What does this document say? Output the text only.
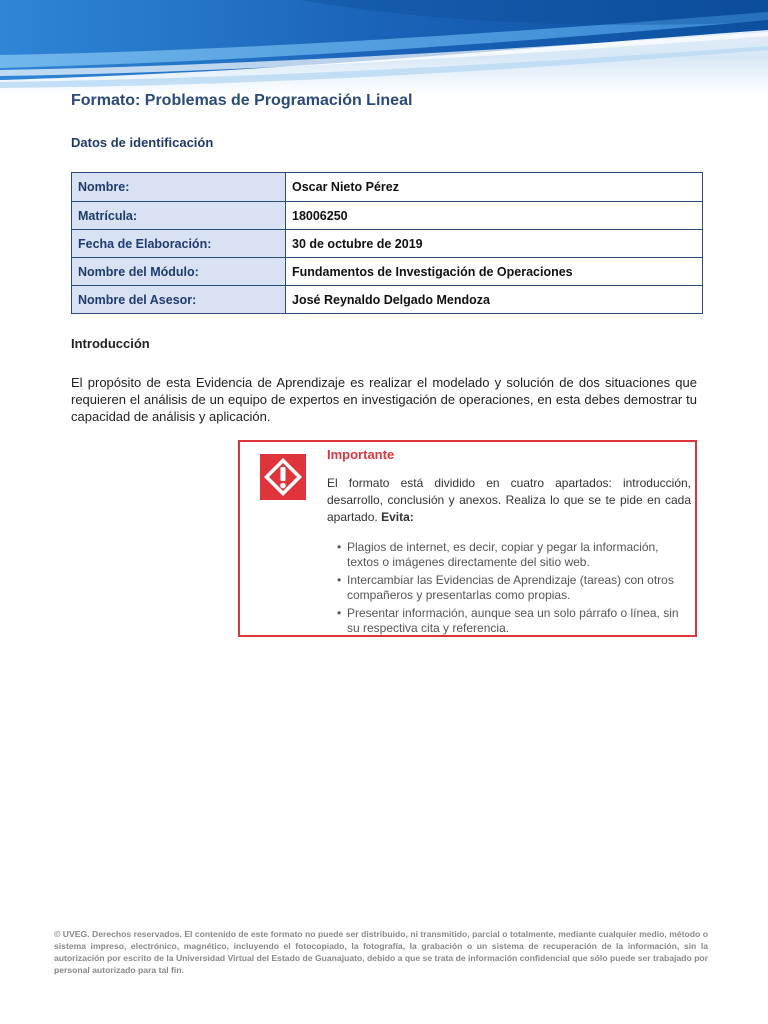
Formato: Problemas de Programación Lineal
Datos de identificación
Nombre:	Oscar Nieto Pérez
Matrícula:	18006250
Fecha de Elaboración:	30 de octubre de 2019
Nombre del Módulo:	Fundamentos de Investigación de Operaciones
Nombre del Asesor:	José Reynaldo Delgado Mendoza
Introducción
El propósito de esta Evidencia de Aprendizaje es realizar el modelado y solución de dos situaciones que requieren el análisis de un equipo de expertos en investigación de operaciones, en esta debes demostrar tu capacidad de análisis y aplicación.
Importante
El formato está dividido en cuatro apartados: introducción, desarrollo, conclusión y anexos. Realiza lo que se te pide en cada apartado. Evita:
• Plagios de internet, es decir, copiar y pegar la información, textos o imágenes directamente del sitio web.
• Intercambiar las Evidencias de Aprendizaje (tareas) con otros compañeros y presentarlas como propias.
• Presentar información, aunque sea un solo párrafo o línea, sin su respectiva cita y referencia.
© UVEG. Derechos reservados. El contenido de este formato no puede ser distribuido, ni transmitido, parcial o totalmente, mediante cualquier medio, método o sistema impreso, electrónico, magnético, incluyendo el fotocopiado, la fotografía, la grabación o un sistema de recuperación de la información, sin la autorización por escrito de la Universidad Virtual del Estado de Guanajuato, debido a que se trata de información confidencial que sólo puede ser trabajado por personal autorizado para tal fin.
